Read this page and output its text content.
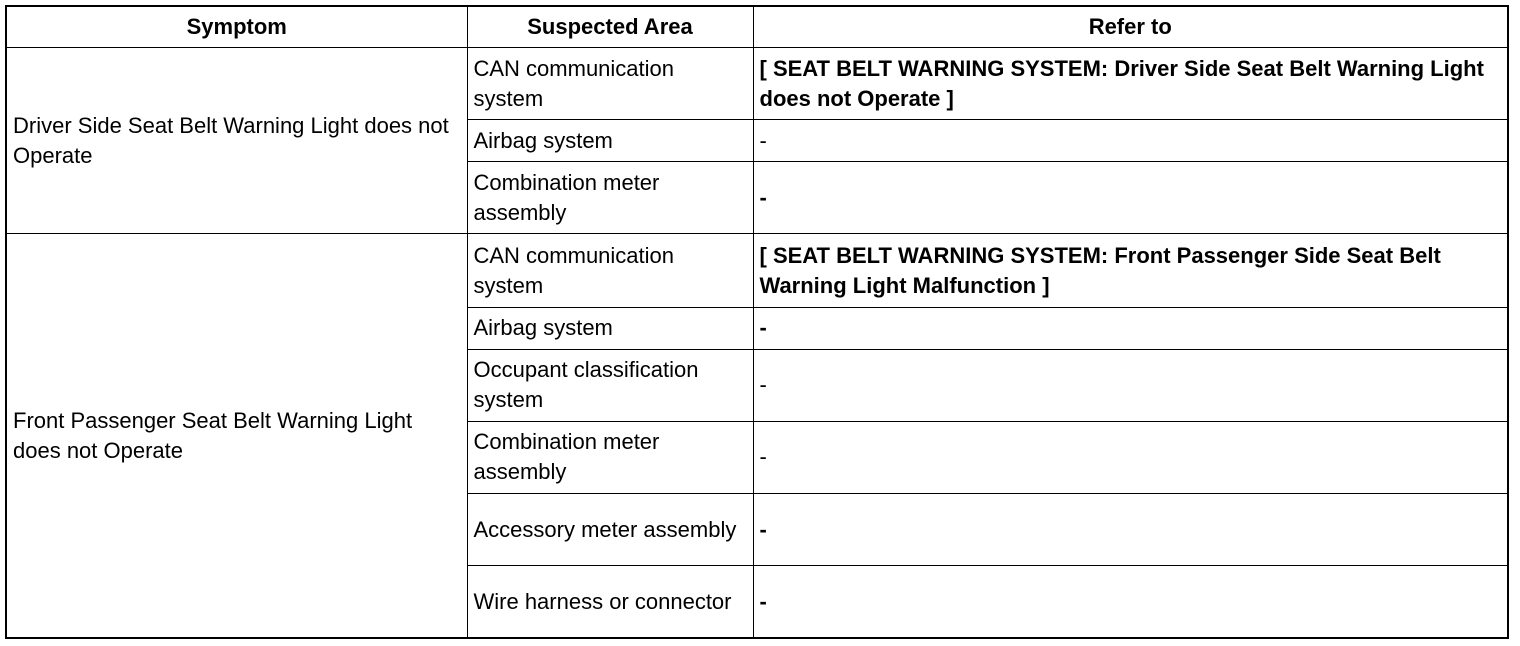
Symptom	Suspected Area	Refer to
Driver Side Seat Belt Warning Light does not Operate	CAN communication system	[ SEAT BELT WARNING SYSTEM: Driver Side Seat Belt Warning Light does not Operate ]
	Airbag system	-
	Combination meter assembly	-
Front Passenger Seat Belt Warning Light does not Operate	CAN communication system	[ SEAT BELT WARNING SYSTEM: Front Passenger Side Seat Belt Warning Light Malfunction ]
	Airbag system	-
	Occupant classification system	-
	Combination meter assembly	-
	Accessory meter assembly	-
	Wire harness or connector	-
